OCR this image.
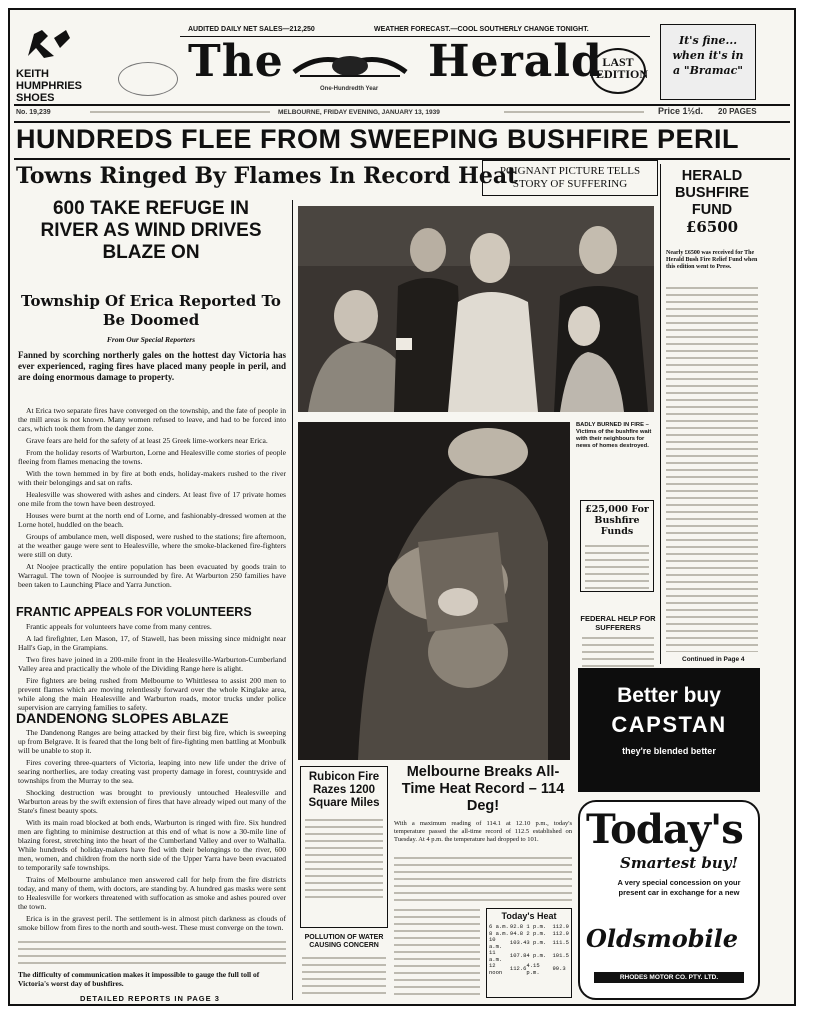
KEITH HUMPHRIES SHOES
AUDITED DAILY NET SALES—212,250	WEATHER FORECAST.—COOL SOUTHERLY CHANGE TONIGHT.
The	Herald
One-Hundredth Year
LAST EDITION
It's fine... when it's in a "Bramac"
No. 19,239	MELBOURNE, FRIDAY EVENING, JANUARY 13, 1939	Price 1½d. 20 PAGES
HUNDREDS FLEE FROM SWEEPING BUSHFIRE PERIL
Towns Ringed By Flames In Record Heat
POIGNANT PICTURE TELLS STORY OF SUFFERING
600 TAKE REFUGE IN RIVER AS WIND DRIVES BLAZE ON
Township Of Erica Reported To Be Doomed
From Our Special Reporters
Fanned by scorching northerly gales on the hottest day Victoria has ever experienced, raging fires have placed many people in peril, and are doing enormous damage to property.

At Erica two separate fires have converged on the township, and the fate of people in the mill areas is not known. Many women refused to leave, and had to be forced into cars, which took them from the danger zone.

Grave fears are held for the safety of at least 25 Greek lime-workers near Erica.

From the holiday resorts of Warburton, Lorne and Healesville come stories of people fleeing from flames menacing the towns.

With the town hemmed in by fire at both ends, holiday-makers rushed to the river with their belongings and sat on rafts.

Healesville was showered with ashes and cinders. At least five of 17 private homes one mile from the town have been destroyed.

Houses were burnt at the north end of Lorne, and fashionably-dressed women at the Lorne hotel, huddled on the beach.

Groups of ambulance men, well disposed, were rushed to the stations; fire afternoon, at the weather gauge were sent to Healesville, where the smoke-blackened fire-fighters were still on duty.

At Noojee practically the entire population has been evacuated by goods train to Warragul. The town of Noojee is surrounded by fire. At Warburton 250 families have been taken to Launching Place and Yarra Junction.

FRANTIC APPEALS FOR VOLUNTEERS

Frantic appeals for volunteers have come from many centres.

A lad firefighter, Len Mason, 17, of Stawell, has been missing since midnight near Hall's Gap, in the Grampians.

Two fires have joined in a 200-mile front in the Healesville-Warburton-Cumberland Valley area and practically the whole of the Dividing Range here is alight.

Fire fighters are being rushed from Melbourne to Whittlesea to assist 200 men to prevent flames which are moving relentlessly forward over the whole Kinglake area, while along the main Healesville and Warburton roads, motor trucks under police supervision are carrying families to safety.

DANDENONG SLOPES ABLAZE

The Dandenong Ranges are being attacked by their first big fire, which is sweeping up from Belgrave. It is feared that the long belt of fire-fighting men battling at Monbulk will be unable to stop it.

Fires covering three-quarters of Victoria, leaping into new life under the drive of searing northerlies, are today creating vast property damage in forest, countryside and townships from the Murray to the sea.

Shocking destruction was brought to previously untouched Healesville and Warburton areas by the swift extension of fires that have already wiped out many of the State's finest beauty spots.

With its main road blocked at both ends, Warburton is ringed with fire. Six hundred men are fighting to minimise destruction at this end of what is now a 30-mile line of blazing forest, stretching into the heart of the Cumberland Valley and over to Walhalla. While hundreds of holiday-makers have fled with their belongings to the river, 600 men, women, and children from the north side of the Upper Yarra have been evacuated to temporarily safe townships.

Trains of Melbourne ambulance men answered call for help from the fire districts today, and many of them, with doctors, are standing by. A hundred gas masks were sent to Healesville for workers threatened with suffocation as smoke and ashes poured over the town.

Erica is in the gravest peril. The settlement is in almost pitch darkness as clouds of smoke billow from fires to the north and south-west. These must converge on the town.

The difficulty of communication makes it impossible to gauge the full toll of Victoria's worst day of bushfires.
DETAILED REPORTS IN PAGE 3
BADLY BURNED IN FIRE – Victims of the bushfire wait with their neighbours for news of homes destroyed.
£25,000 For Bushfire Funds
FEDERAL HELP FOR SUFFERERS
HERALD
BUSHFIRE
FUND
£6500
Nearly £6500 was received for The Herald Bush Fire Relief Fund when this edition went to Press.
Continued in Page 4
Better buy
CAPSTAN
they're blended better
Rubicon Fire Razes 1200 Square Miles
POLLUTION OF WATER CAUSING CONCERN
Melbourne Breaks All-Time Heat Record – 114 Deg!
With a maximum reading of 114.1 at 12.10 p.m., today's temperature passed the all-time record of 112.5 established on Tuesday. At 4 p.m. the temperature had dropped to 101.
Today's Heat
6 a.m.	92.8	1 p.m.	112.9
8 a.m.	94.8	2 p.m.	112.9
10 a.m.	103.4	3 p.m.	111.5
11 a.m.	107.8	4 p.m.	101.5
12 noon	112.6	4.15 p.m.	99.3
Today's
Smartest buy!
A very special concession on your present car in exchange for a new
Oldsmobile
RHODES MOTOR CO. PTY. LTD.
